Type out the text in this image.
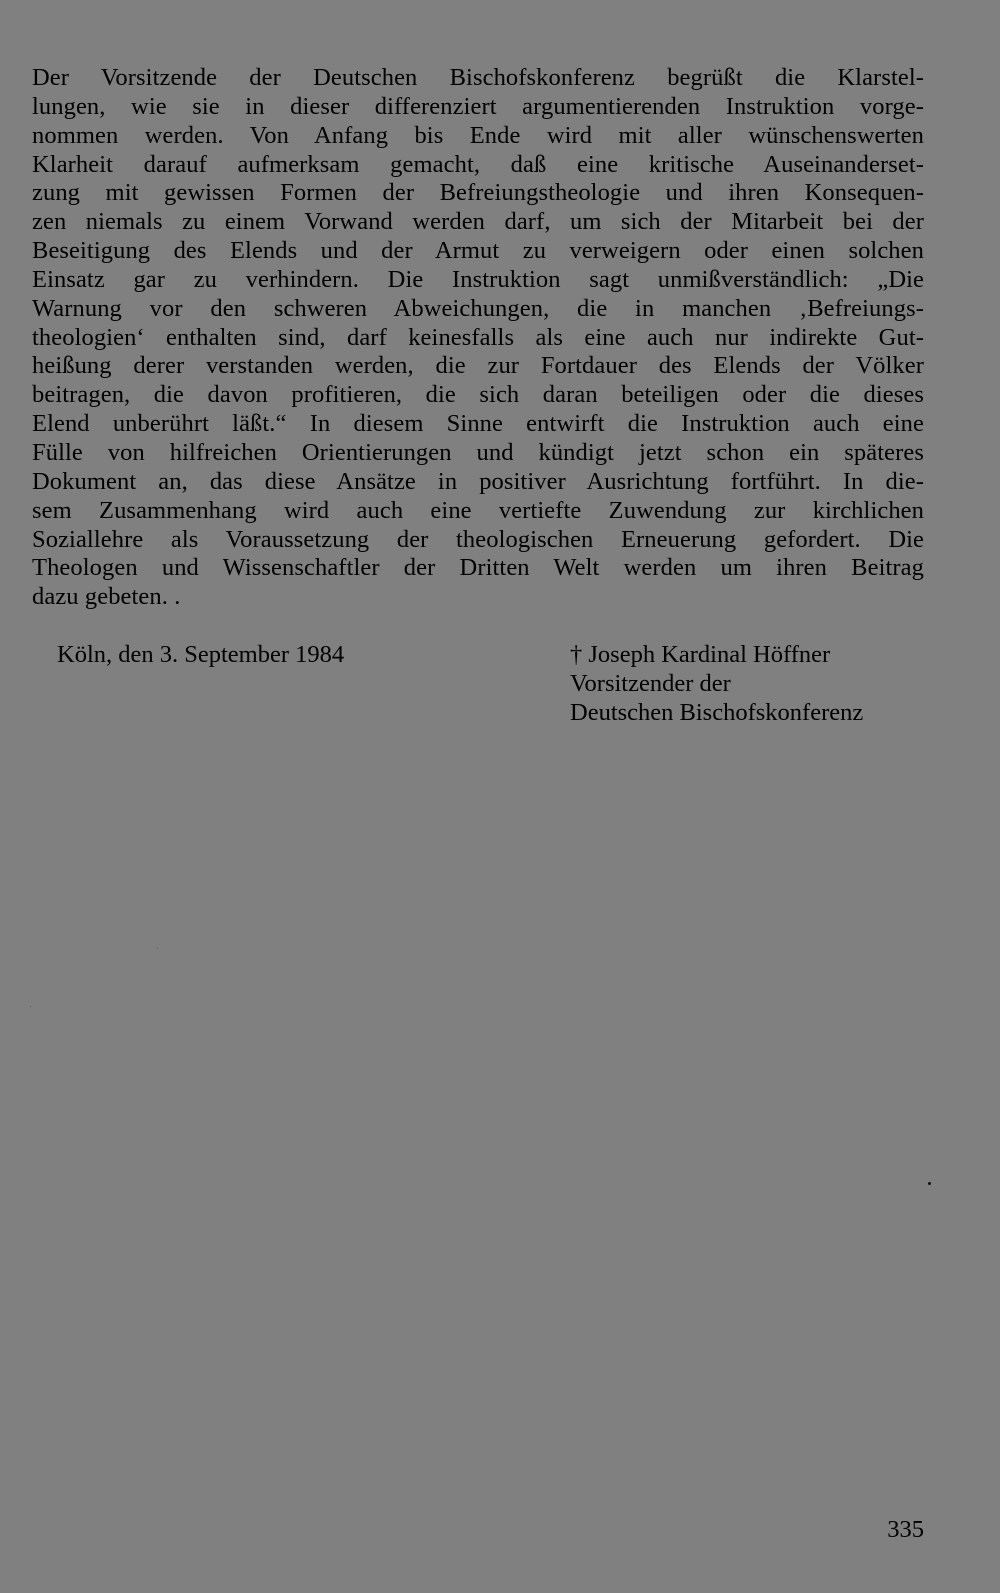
Der Vorsitzende der Deutschen Bischofskonferenz begrüßt die Klarstel-
lungen, wie sie in dieser differenziert argumentierenden Instruktion vorge-
nommen werden. Von Anfang bis Ende wird mit aller wünschenswerten
Klarheit darauf aufmerksam gemacht, daß eine kritische Auseinanderset-
zung mit gewissen Formen der Befreiungstheologie und ihren Konsequen-
zen niemals zu einem Vorwand werden darf, um sich der Mitarbeit bei der
Beseitigung des Elends und der Armut zu verweigern oder einen solchen
Einsatz gar zu verhindern. Die Instruktion sagt unmißverständlich: „Die
Warnung vor den schweren Abweichungen, die in manchen ‚Befreiungs-
theologien‘ enthalten sind, darf keinesfalls als eine auch nur indirekte Gut-
heißung derer verstanden werden, die zur Fortdauer des Elends der Völker
beitragen, die davon profitieren, die sich daran beteiligen oder die dieses
Elend unberührt läßt.“ In diesem Sinne entwirft die Instruktion auch eine
Fülle von hilfreichen Orientierungen und kündigt jetzt schon ein späteres
Dokument an, das diese Ansätze in positiver Ausrichtung fortführt. In die-
sem Zusammenhang wird auch eine vertiefte Zuwendung zur kirchlichen
Soziallehre als Voraussetzung der theologischen Erneuerung gefordert. Die
Theologen und Wissenschaftler der Dritten Welt werden um ihren Beitrag
dazu gebeten. .
Köln, den 3. September 1984	† Joseph Kardinal Höffner
Vorsitzender der
Deutschen Bischofskonferenz
335
